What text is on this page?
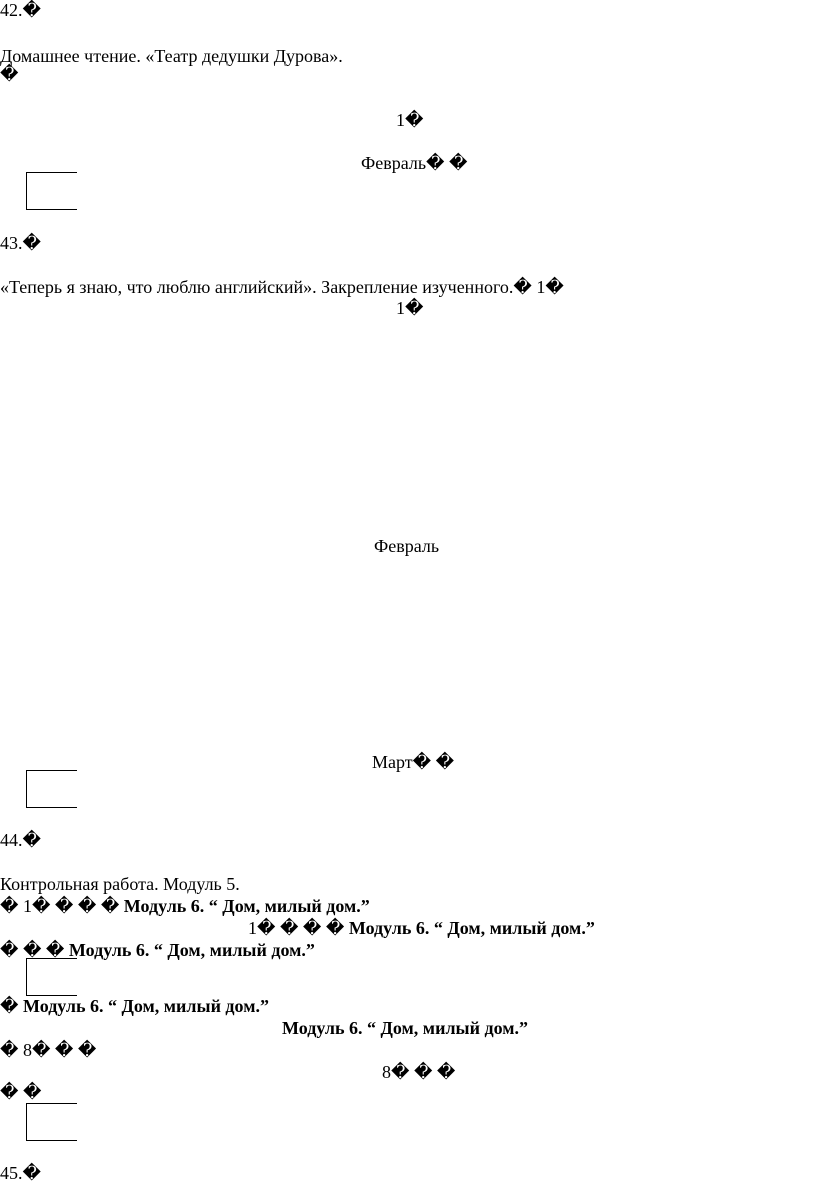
42.�
Домашнее чтение. «Театр дедушки Дурова».
�
1�
Февраль� �
43.�
«Теперь я знаю, что люблю английский». Закрепление изученного.� 1�
1�
Февраль
Март� �
44.�
Контрольная работа. Модуль 5.
� 1� � � � Модуль 6. “ Дом, милый дом.”
1� � � � Модуль 6. “ Дом, милый дом.”
� � � Модуль 6. “ Дом, милый дом.”
� Модуль 6. “ Дом, милый дом.”
Модуль 6. “ Дом, милый дом.”
� 8� � �
8� � �
� �
45.�
